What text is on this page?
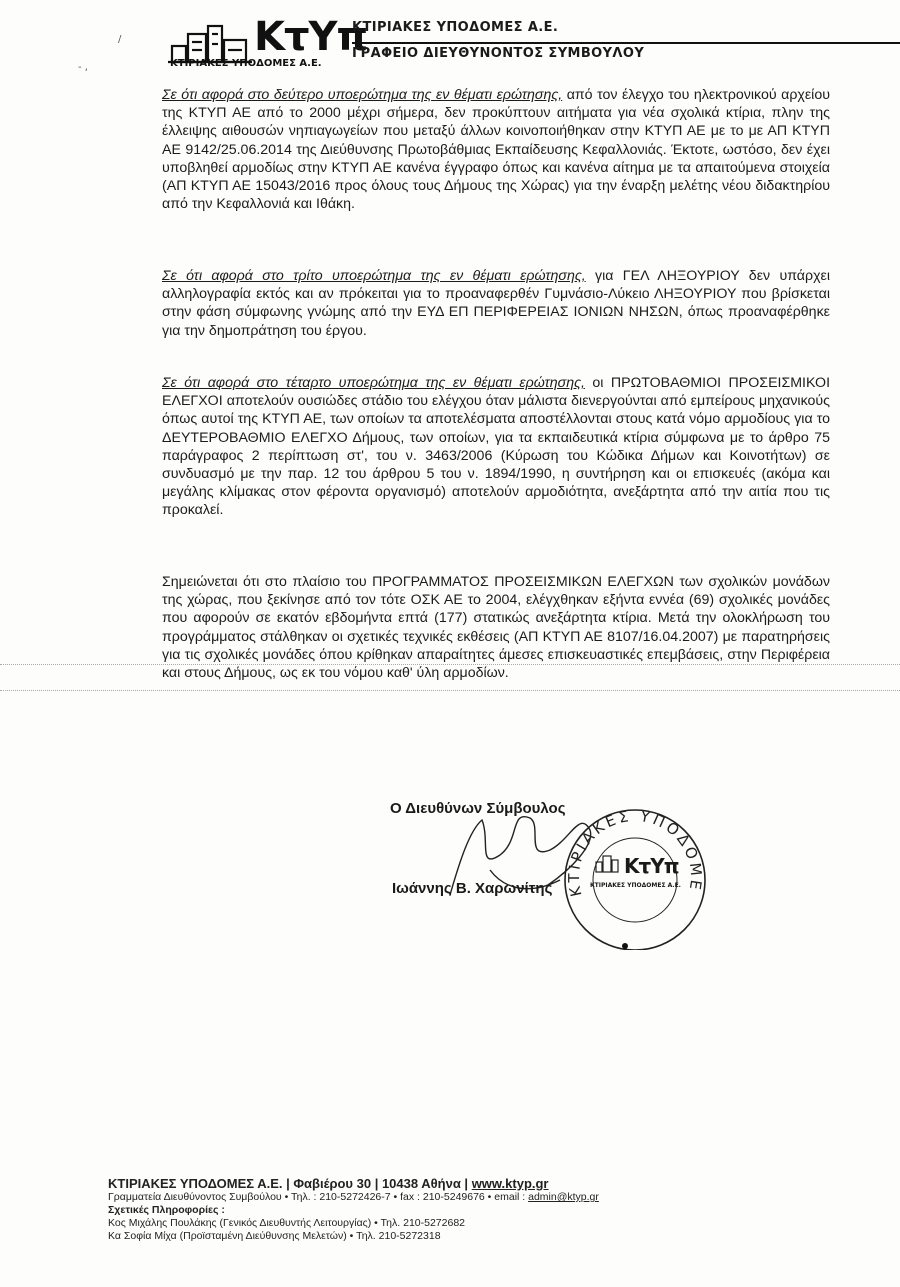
ΚτΥπ
ΚΤΙΡΙΑΚΕΣ ΥΠΟΔΟΜΕΣ Α.Ε.
ΚΤΙΡΙΑΚΕΣ ΥΠΟΔΟΜΕΣ Α.Ε.
ΓΡΑΦΕΙΟ ΔΙΕΥΘΥΝΟΝΤΟΣ ΣΥΜΒΟΥΛΟΥ
/
- ,

Σε ότι αφορά στο δεύτερο υποερώτημα της εν θέματι ερώτησης, από τον έλεγχο του ηλεκτρονικού αρχείου της ΚΤΥΠ ΑΕ από το 2000 μέχρι σήμερα, δεν προκύπτουν αιτήματα για νέα σχολικά κτίρια, πλην της έλλειψης αιθουσών νηπιαγωγείων που μεταξύ άλλων κοινοποιήθηκαν στην ΚΤΥΠ ΑΕ με το με ΑΠ ΚΤΥΠ ΑΕ 9142/25.06.2014 της Διεύθυνσης Πρωτοβάθμιας Εκπαίδευσης Κεφαλλονιάς. Έκτοτε, ωστόσο, δεν έχει υποβληθεί αρμοδίως στην ΚΤΥΠ ΑΕ κανένα έγγραφο όπως και κανένα αίτημα με τα απαιτούμενα στοιχεία (ΑΠ ΚΤΥΠ ΑΕ 15043/2016 προς όλους τους Δήμους της Χώρας) για την έναρξη μελέτης νέου διδακτηρίου από την Κεφαλλονιά και Ιθάκη.

Σε ότι αφορά στο τρίτο υποερώτημα της εν θέματι ερώτησης, για ΓΕΛ ΛΗΞΟΥΡΙΟΥ δεν υπάρχει αλληλογραφία εκτός και αν πρόκειται για το προαναφερθέν Γυμνάσιο-Λύκειο ΛΗΞΟΥΡΙΟΥ που βρίσκεται στην φάση σύμφωνης γνώμης από την ΕΥΔ ΕΠ ΠΕΡΙΦΕΡΕΙΑΣ ΙΟΝΙΩΝ ΝΗΣΩΝ, όπως προαναφέρθηκε για την δημοπράτηση του έργου.

Σε ότι αφορά στο τέταρτο υποερώτημα της εν θέματι ερώτησης, οι ΠΡΩΤΟΒΑΘΜΙΟΙ ΠΡΟΣΕΙΣΜΙΚΟΙ ΕΛΕΓΧΟΙ αποτελούν ουσιώδες στάδιο του ελέγχου όταν μάλιστα διενεργούνται από εμπείρους μηχανικούς όπως αυτοί της ΚΤΥΠ ΑΕ, των οποίων τα αποτελέσματα αποστέλλονται στους κατά νόμο αρμοδίους για το ΔΕΥΤΕΡΟΒΑΘΜΙΟ ΕΛΕΓΧΟ Δήμους, των οποίων, για τα εκπαιδευτικά κτίρια σύμφωνα με το άρθρο 75 παράγραφος 2 περίπτωση στ', του ν. 3463/2006 (Κύρωση του Κώδικα Δήμων και Κοινοτήτων) σε συνδυασμό με την παρ. 12 του άρθρου 5 του ν. 1894/1990, η συντήρηση και οι επισκευές (ακόμα και μεγάλης κλίμακας στον φέροντα οργανισμό) αποτελούν αρμοδιότητα, ανεξάρτητα από την αιτία που τις προκαλεί.

Σημειώνεται ότι στο πλαίσιο του ΠΡΟΓΡΑΜΜΑΤΟΣ ΠΡΟΣΕΙΣΜΙΚΩΝ ΕΛΕΓΧΩΝ των σχολικών μονάδων της χώρας, που ξεκίνησε από τον τότε ΟΣΚ ΑΕ το 2004, ελέγχθηκαν εξήντα εννέα (69) σχολικές μονάδες που αφορούν σε εκατόν εβδομήντα επτά (177) στατικώς ανεξάρτητα κτίρια. Μετά την ολοκλήρωση του προγράμματος στάλθηκαν οι σχετικές τεχνικές εκθέσεις (ΑΠ ΚΤΥΠ ΑΕ 8107/16.04.2007) με παρατηρήσεις για τις σχολικές μονάδες όπου κρίθηκαν απαραίτητες άμεσες επισκευαστικές επεμβάσεις, στην Περιφέρεια και στους Δήμους, ως εκ του νόμου καθ' ύλη αρμοδίων.

Ο Διευθύνων Σύμβουλος
Ιωάννης Β. Χαρωνίτης ΚΤΙΡΙΑΚΕΣ ΥΠΟΔΟΜΕ
ΚτΥπ
ΚΤΙΡΙΑΚΕΣ ΥΠΟΔΟΜΕΣ Α.Ε.
ΚΤΙΡΙΑΚΕΣ ΥΠΟΔΟΜΕΣ Α.Ε. | Φαβιέρου 30 | 10438 Αθήνα | www.ktyp.gr
Γραμματεία Διευθύνοντος Συμβούλου • Τηλ. : 210-5272426-7 • fax : 210-5249676 • email : admin@ktyp.gr
Σχετικές Πληροφορίες :
Κος Μιχάλης Πουλάκης (Γενικός Διευθυντής Λειτουργίας) • Τηλ. 210-5272682
Κα Σοφία Μίχα (Προϊσταμένη Διεύθυνσης Μελετών) • Τηλ. 210-5272318
